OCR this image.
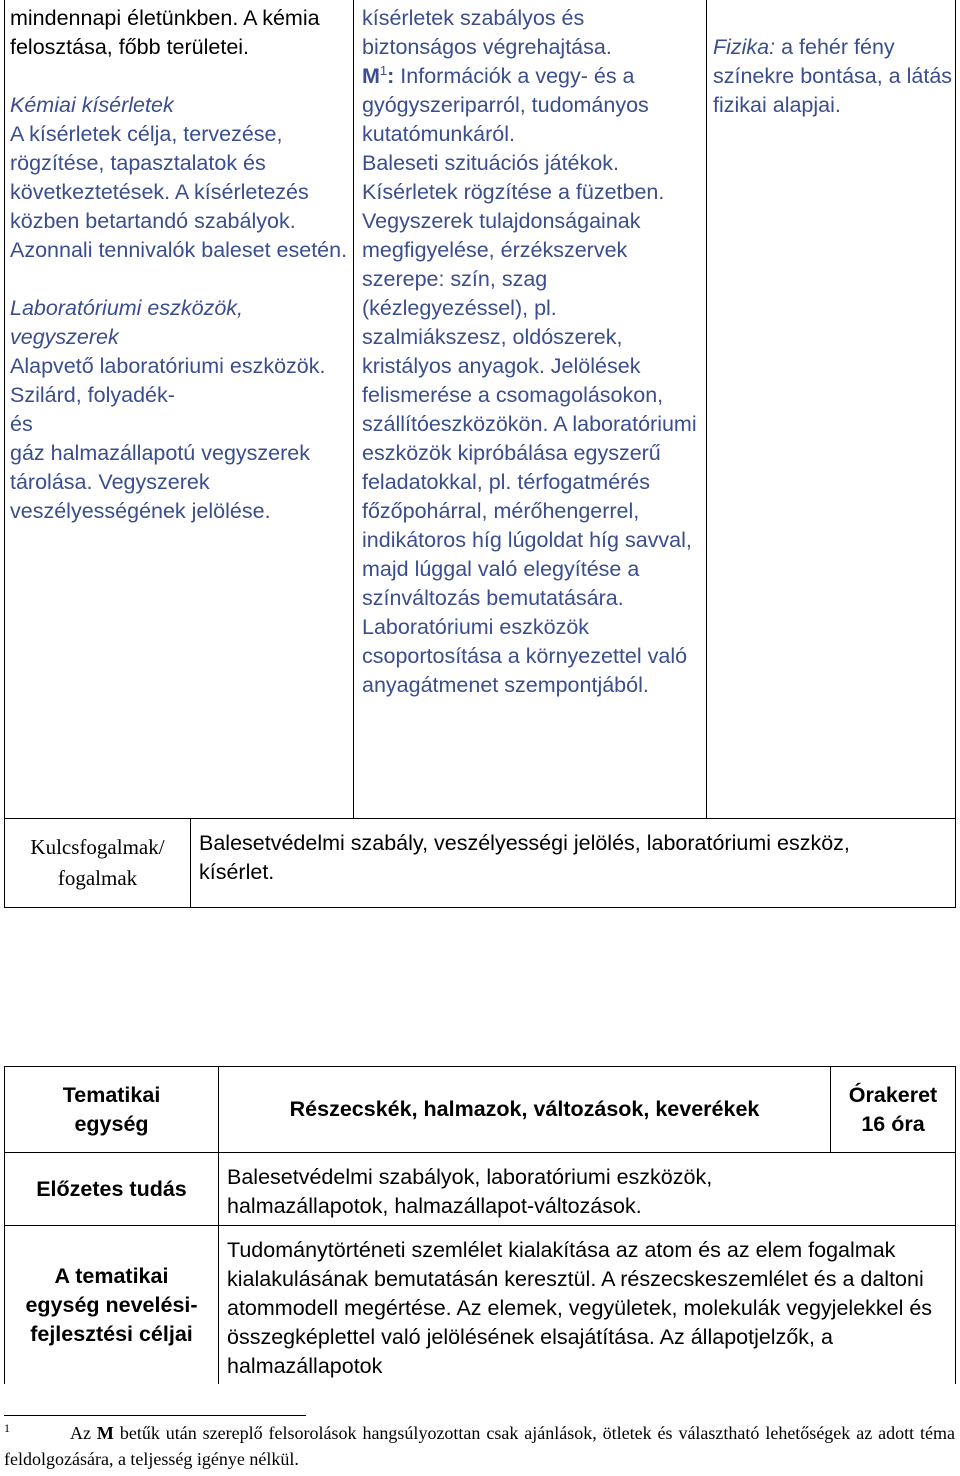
mindennapi életünkben. A kémia felosztása, főbb területei.
Kémiai kísérletek
A kísérletek célja, tervezése, rögzítése, tapasztalatok és következtetések. A kísérletezés közben betartandó szabályok. Azonnali tennivalók baleset esetén.
Laboratóriumi eszközök, vegyszerek
Alapvető laboratóriumi eszközök. Szilárd, folyadék-
és
gáz halmazállapotú vegyszerek tárolása. Vegyszerek veszélyességének jelölése.
kísérletek szabályos és biztonságos végrehajtása.
$M^1$: Információk a vegy- és a gyógyszeriparról, tudományos kutatómunkáról.
Baleseti szituációs játékok. Kísérletek rögzítése a füzetben. Vegyszerek tulajdonságainak megfigyelése, érzékszervek szerepe: szín, szag (kézlegyezéssel), pl. szalmiákszesz, oldószerek, kristályos anyagok. Jelölések felismerése a csomagolásokon, szállítóeszközökön. A laboratóriumi eszközök kipróbálása egyszerű feladatokkal, pl. térfogatmérés főzőpohárral, mérőhengerrel, indikátoros híg lúgoldat híg savval, majd lúggal való elegyítése a színváltozás bemutatására. Laboratóriumi eszközök csoportosítása a környezettel való anyagátmenet szempontjából.
Fizika: a fehér fény színekre bontása, a látás fizikai alapjai.
Kulcsfogalmak/ fogalmak
Balesetvédelmi szabály, veszélyességi jelölés, laboratóriumi eszköz, kísérlet.
Tematikai egység
Részecskék, halmazok, változások, keverékek
Órakeret
16 óra
Előzetes tudás Balesetvédelmi szabályok, laboratóriumi eszközök, halmazállapotok, halmazállapot-változások.
A tematikai egység nevelési-fejlesztési céljai
Tudománytörténeti szemlélet kialakítása az atom és az elem fogalmak kialakulásának bemutatásán keresztül. A részecskeszemlélet és a daltoni atommodell megértése. Az elemek, vegyületek, molekulák vegyjelekkel és összegképlettel való jelölésének elsajátítása. Az állapotjelzők, a halmazállapotok
$^1$	Az M betűk után szereplő felsorolások hangsúlyozottan csak ajánlások, ötletek és választható lehetőségek az adott téma feldolgozására, a teljesség igénye nélkül.
